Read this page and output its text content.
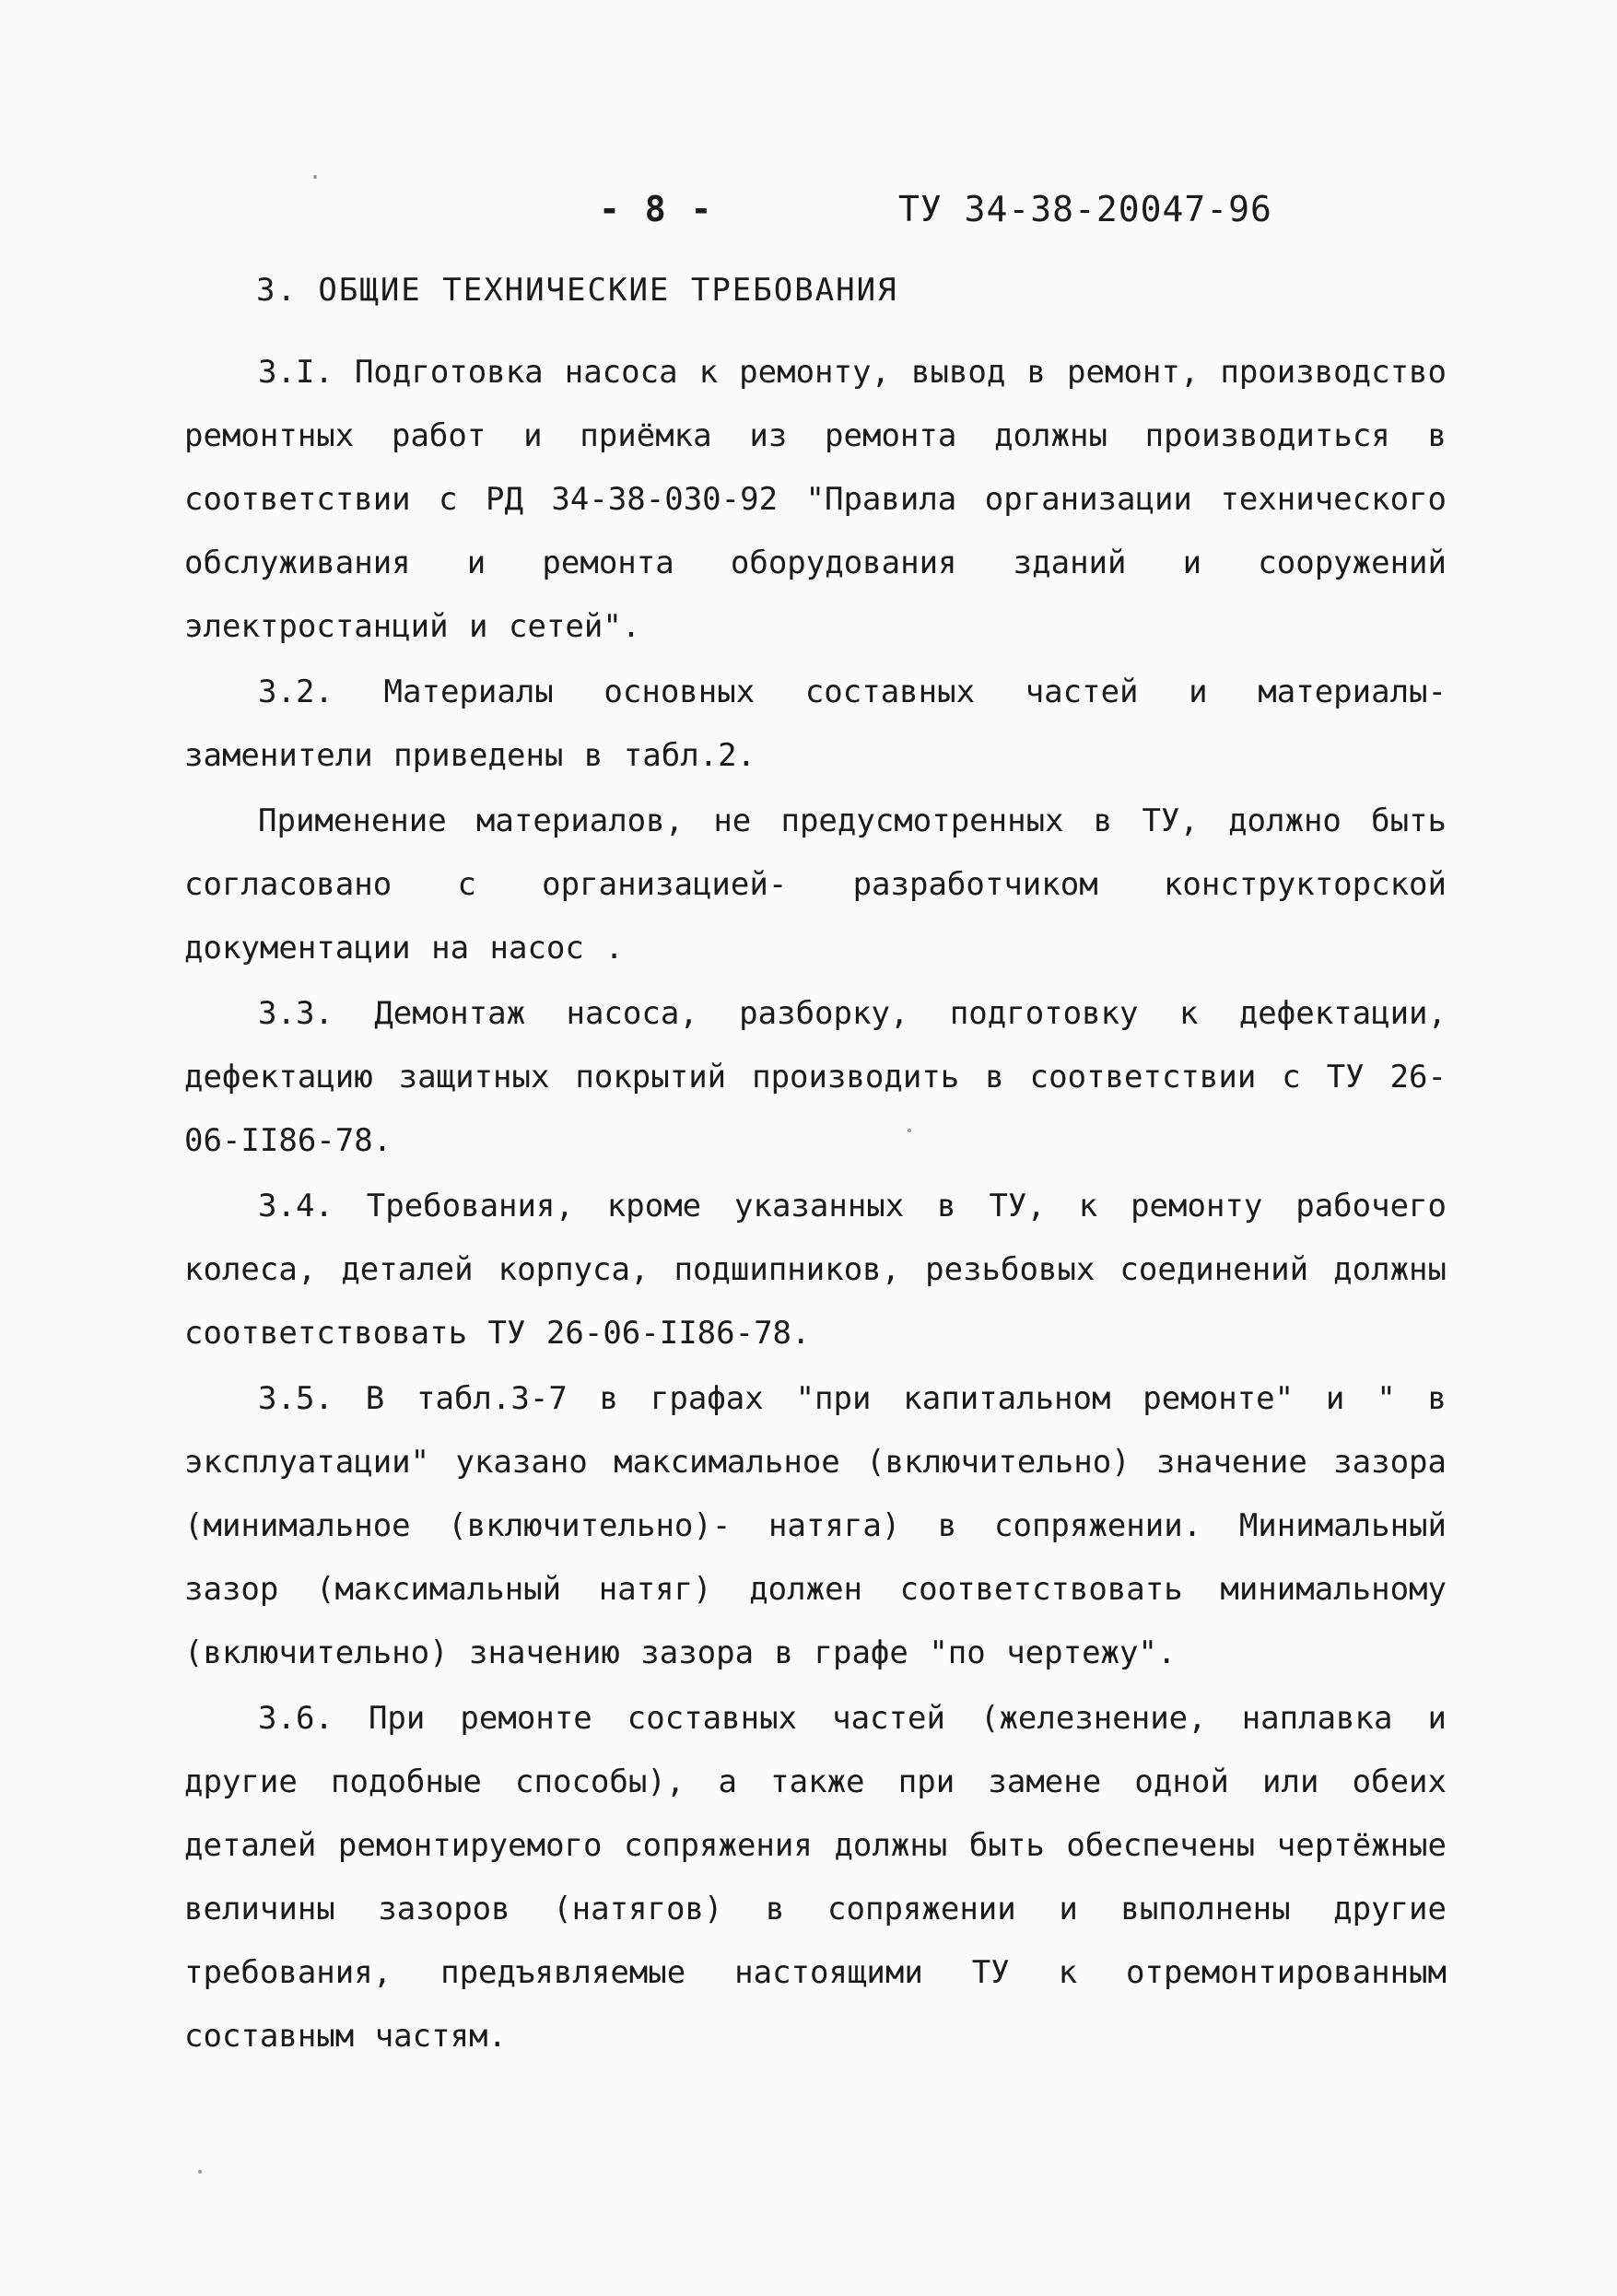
- 8 -	ТУ 34-38-20047-96
3. ОБЩИЕ ТЕХНИЧЕСКИЕ ТРЕБОВАНИЯ

3.I. Подготовка насоса к ремонту, вывод в ремонт, производство ремонтных работ и приёмка из ремонта должны производиться в соответствии с РД 34-38-030-92 "Правила организации технического обслуживания и ремонта оборудования зданий и сооружений электростанций и сетей".

3.2. Материалы основных составных частей и материалы- заменители приведены в табл.2.

Применение материалов, не предусмотренных в ТУ, должно быть согласовано с организацией- разработчиком конструкторской документации на насос .

3.3. Демонтаж насоса, разборку, подготовку к дефектации, дефектацию защитных покрытий производить в соответствии с ТУ 26-06-II86-78.

3.4. Требования, кроме указанных в ТУ, к ремонту рабочего колеса, деталей корпуса, подшипников, резьбовых соединений должны соответствовать ТУ 26-06-II86-78.

3.5. В табл.3-7 в графах "при капитальном ремонте" и " в эксплуатации" указано максимальное (включительно) значение зазора (минимальное (включительно)- натяга) в сопряжении. Минимальный зазор (максимальный натяг) должен соответствовать минимальному (включительно) значению зазора в графе "по чертежу".

3.6. При ремонте составных частей (железнение, наплавка и другие подобные способы), а также при замене одной или обеих деталей ремонтируемого сопряжения должны быть обеспечены чертёжные величины зазоров (натягов) в сопряжении и выполнены другие требования, предъявляемые настоящими ТУ к отремонтированным составным частям.
